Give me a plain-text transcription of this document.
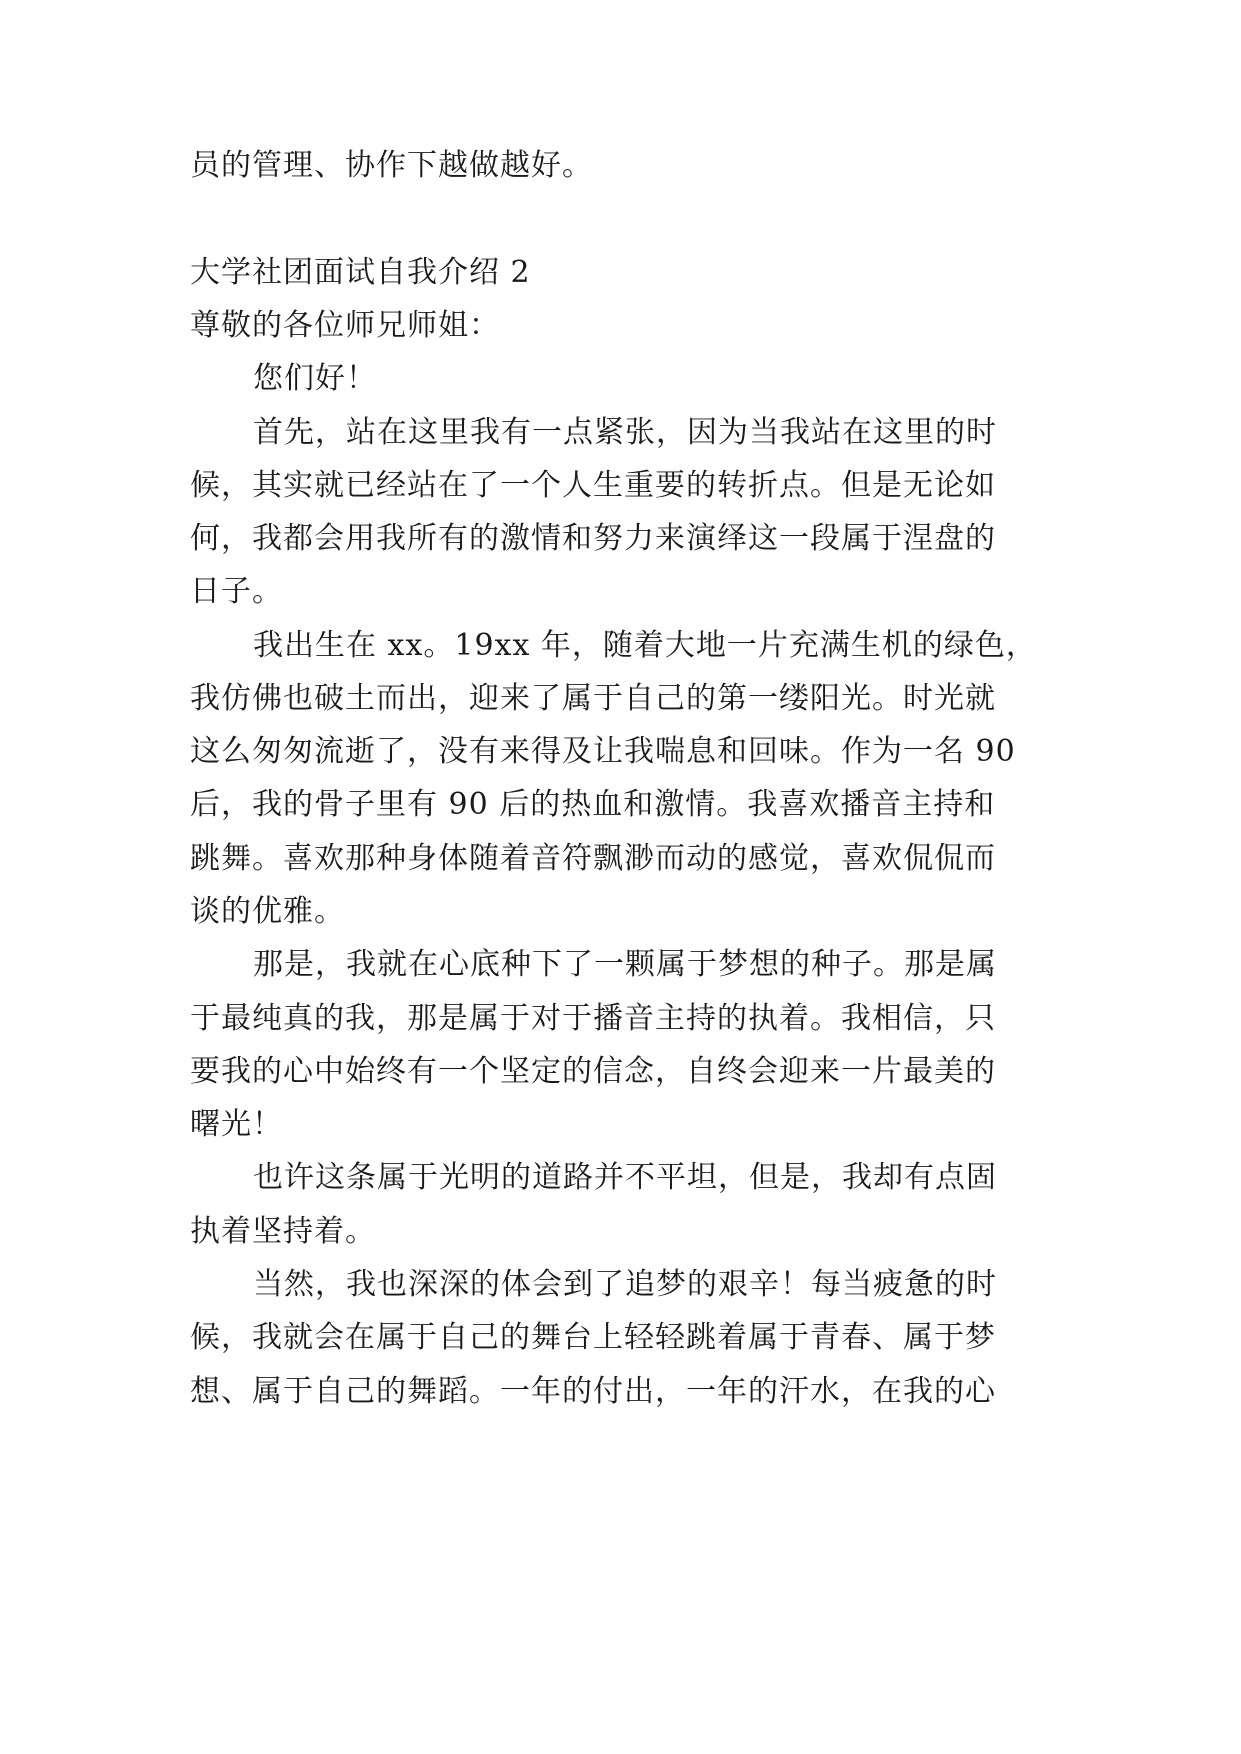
员的管理、协作下越做越好。
大学社团面试自我介绍 2
尊敬的各位师兄师姐：
您们好！
首先，站在这里我有一点紧张，因为当我站在这里的时
候，其实就已经站在了一个人生重要的转折点。但是无论如
何，我都会用我所有的激情和努力来演绎这一段属于涅盘的
日子。
我出生在 xx。19xx 年，随着大地一片充满生机的绿色，
我仿佛也破土而出，迎来了属于自己的第一缕阳光。时光就
这么匆匆流逝了，没有来得及让我喘息和回味。作为一名 90
后，我的骨子里有 90 后的热血和激情。我喜欢播音主持和
跳舞。喜欢那种身体随着音符飘渺而动的感觉，喜欢侃侃而
谈的优雅。
那是，我就在心底种下了一颗属于梦想的种子。那是属
于最纯真的我，那是属于对于播音主持的执着。我相信，只
要我的心中始终有一个坚定的信念，自终会迎来一片最美的
曙光！
也许这条属于光明的道路并不平坦，但是，我却有点固
执着坚持着。
当然，我也深深的体会到了追梦的艰辛！每当疲惫的时
候，我就会在属于自己的舞台上轻轻跳着属于青春、属于梦
想、属于自己的舞蹈。一年的付出，一年的汗水，在我的心
